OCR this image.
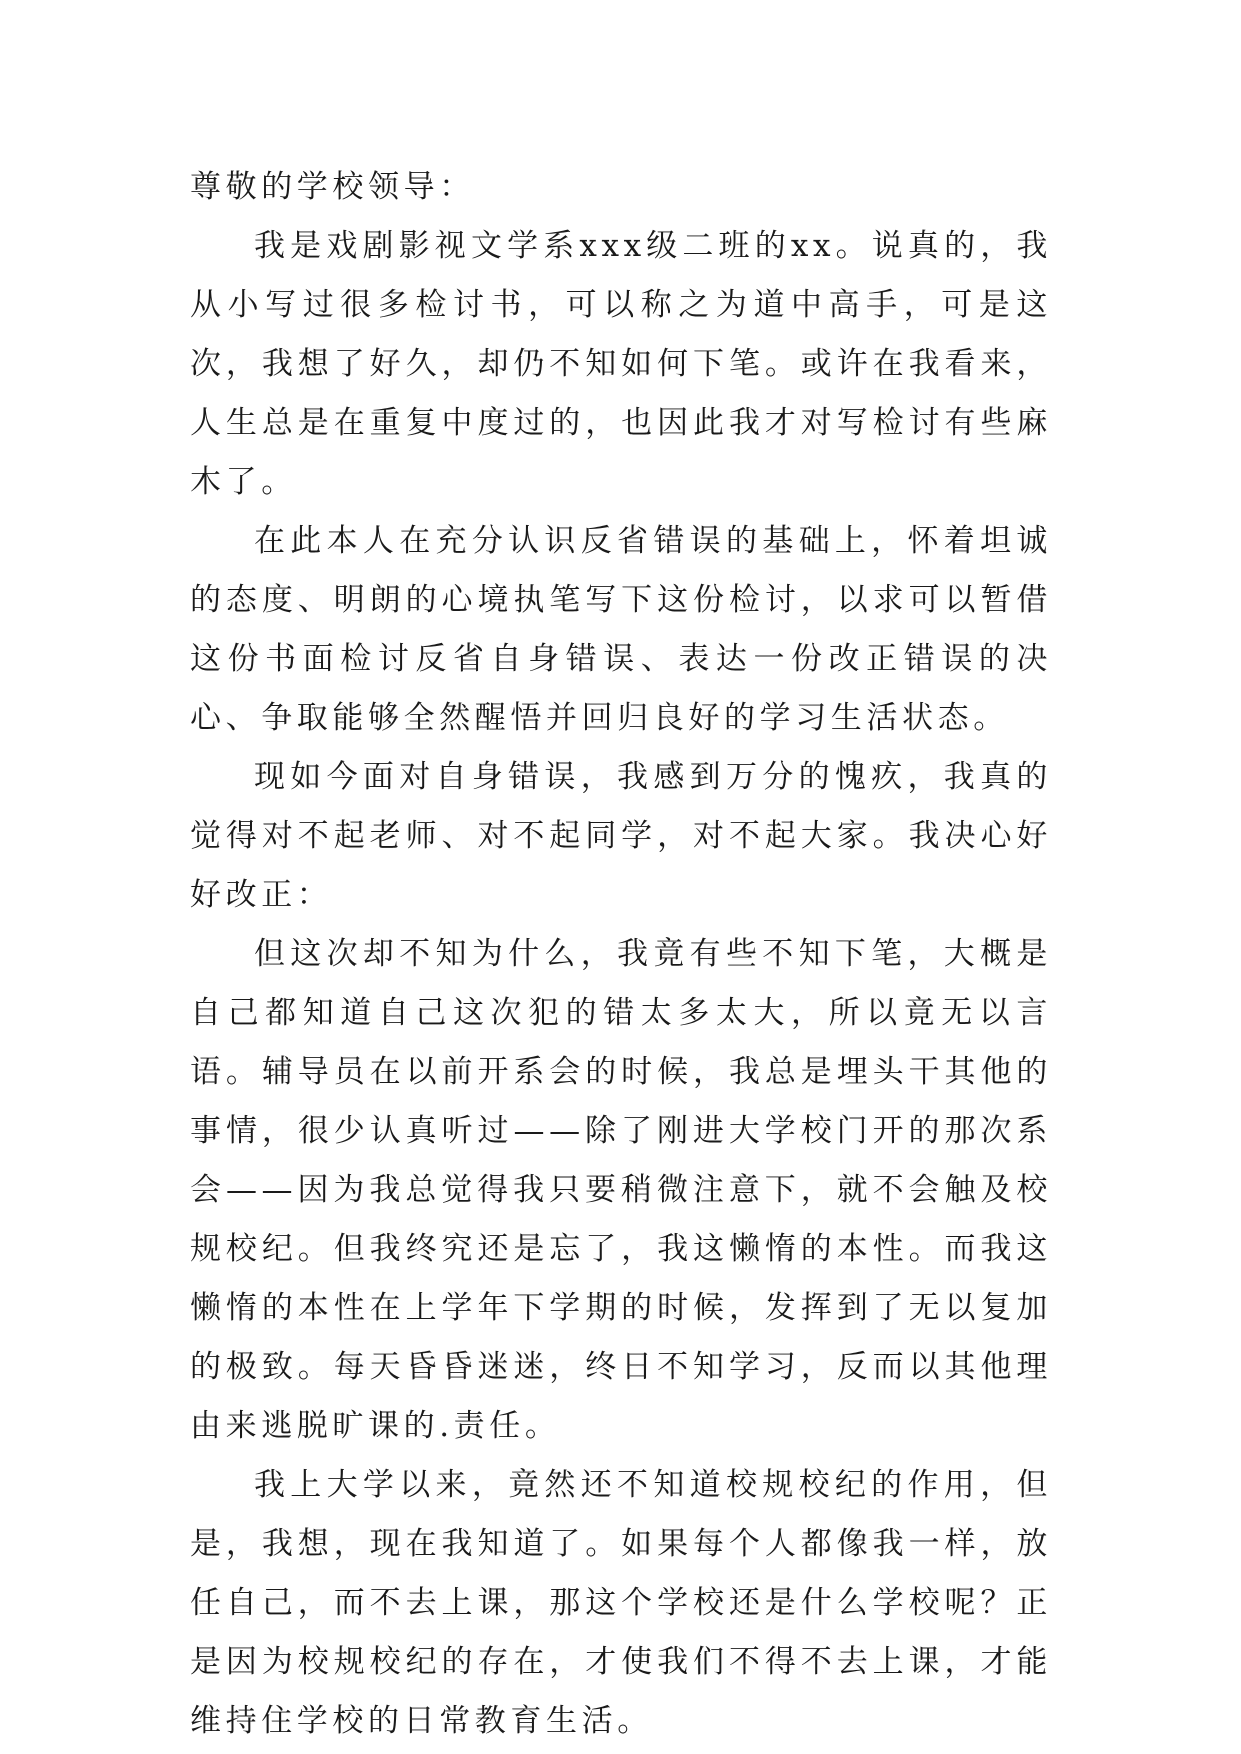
尊敬的学校领导：

我是戏剧影视文学系xxx级二班的xx。说真的，我从小写过很多检讨书，可以称之为道中高手，可是这次，我想了好久，却仍不知如何下笔。或许在我看来，人生总是在重复中度过的，也因此我才对写检讨有些麻木了。

在此本人在充分认识反省错误的基础上，怀着坦诚的态度、明朗的心境执笔写下这份检讨，以求可以暂借这份书面检讨反省自身错误、表达一份改正错误的决心、争取能够全然醒悟并回归良好的学习生活状态。

现如今面对自身错误，我感到万分的愧疚，我真的觉得对不起老师、对不起同学，对不起大家。我决心好好改正：

但这次却不知为什么，我竟有些不知下笔，大概是自己都知道自己这次犯的错太多太大，所以竟无以言语。辅导员在以前开系会的时候，我总是埋头干其他的事情，很少认真听过——除了刚进大学校门开的那次系会——因为我总觉得我只要稍微注意下，就不会触及校规校纪。但我终究还是忘了，我这懒惰的本性。而我这懒惰的本性在上学年下学期的时候，发挥到了无以复加的极致。每天昏昏迷迷，终日不知学习，反而以其他理由来逃脱旷课的.责任。

我上大学以来，竟然还不知道校规校纪的作用，但是，我想，现在我知道了。如果每个人都像我一样，放任自己，而不去上课，那这个学校还是什么学校呢？正是因为校规校纪的存在，才使我们不得不去上课，才能维持住学校的日常教育生活。
